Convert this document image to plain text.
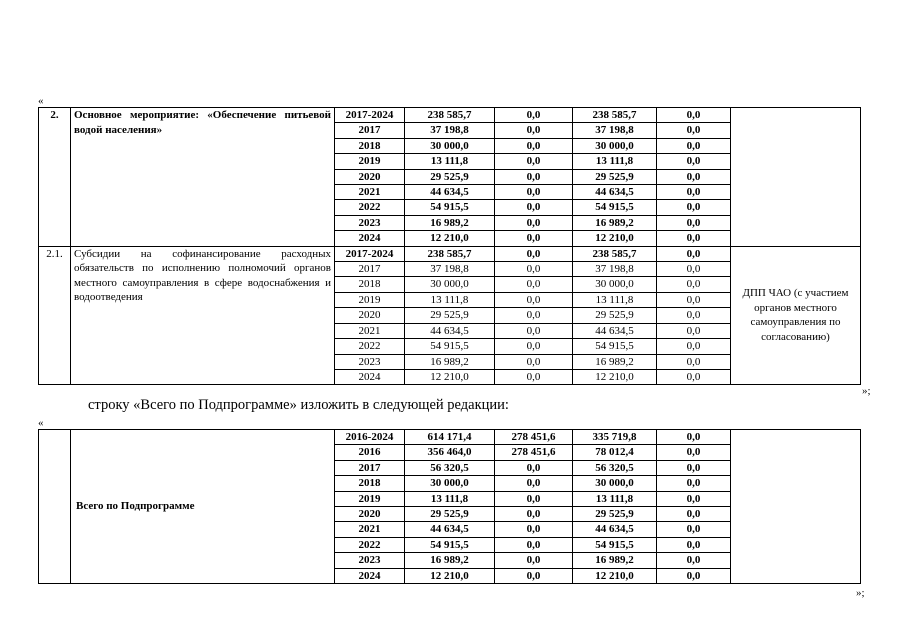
«
2.	Основное мероприятие: «Обеспечение питьевой водой населения»	2017-2024	238 585,7	0,0	238 585,7	0,0	
		2017	37 198,8	0,0	37 198,8	0,0	
		2018	30 000,0	0,0	30 000,0	0,0	
		2019	13 111,8	0,0	13 111,8	0,0	
		2020	29 525,9	0,0	29 525,9	0,0	
		2021	44 634,5	0,0	44 634,5	0,0	
		2022	54 915,5	0,0	54 915,5	0,0	
		2023	16 989,2	0,0	16 989,2	0,0	
		2024	12 210,0	0,0	12 210,0	0,0	
2.1.	Субсидии на софинансирование расходных обязательств по исполнению полномочий органов местного самоуправления в сфере водоснабжения и водоотведения	2017-2024	238 585,7	0,0	238 585,7	0,0	ДПП ЧАО (с участием органов местного самоуправления по согласованию)
		2017	37 198,8	0,0	37 198,8	0,0	
		2018	30 000,0	0,0	30 000,0	0,0	
		2019	13 111,8	0,0	13 111,8	0,0	
		2020	29 525,9	0,0	29 525,9	0,0	
		2021	44 634,5	0,0	44 634,5	0,0	
		2022	54 915,5	0,0	54 915,5	0,0	
		2023	16 989,2	0,0	16 989,2	0,0	
		2024	12 210,0	0,0	12 210,0	0,0	
»;
строку «Всего по Подпрограмме» изложить в следующей редакции:
«
	Всего по Подпрограмме	2016-2024	614 171,4	278 451,6	335 719,8	0,0	
		2016	356 464,0	278 451,6	78 012,4	0,0	
		2017	56 320,5	0,0	56 320,5	0,0	
		2018	30 000,0	0,0	30 000,0	0,0	
		2019	13 111,8	0,0	13 111,8	0,0	
		2020	29 525,9	0,0	29 525,9	0,0	
		2021	44 634,5	0,0	44 634,5	0,0	
		2022	54 915,5	0,0	54 915,5	0,0	
		2023	16 989,2	0,0	16 989,2	0,0	
		2024	12 210,0	0,0	12 210,0	0,0	
»;
